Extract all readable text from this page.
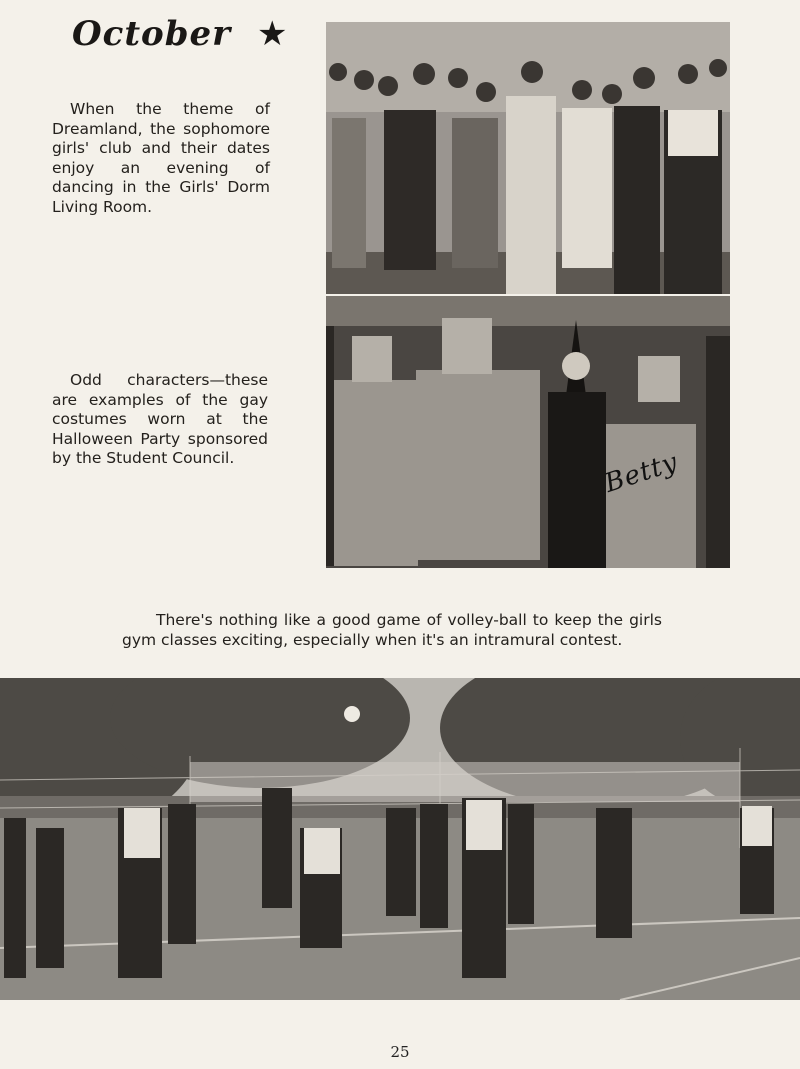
October ★

When the theme of Dreamland, the sophomore girls' club and their dates enjoy an evening of dancing in the Girls' Dorm Living Room.

Odd characters—these are examples of the gay costumes worn at the Halloween Party sponsored by the Student Council.	Betty

There's nothing like a good game of volley-ball to keep the girls gym classes exciting, especially when it's an intramural contest.

25
